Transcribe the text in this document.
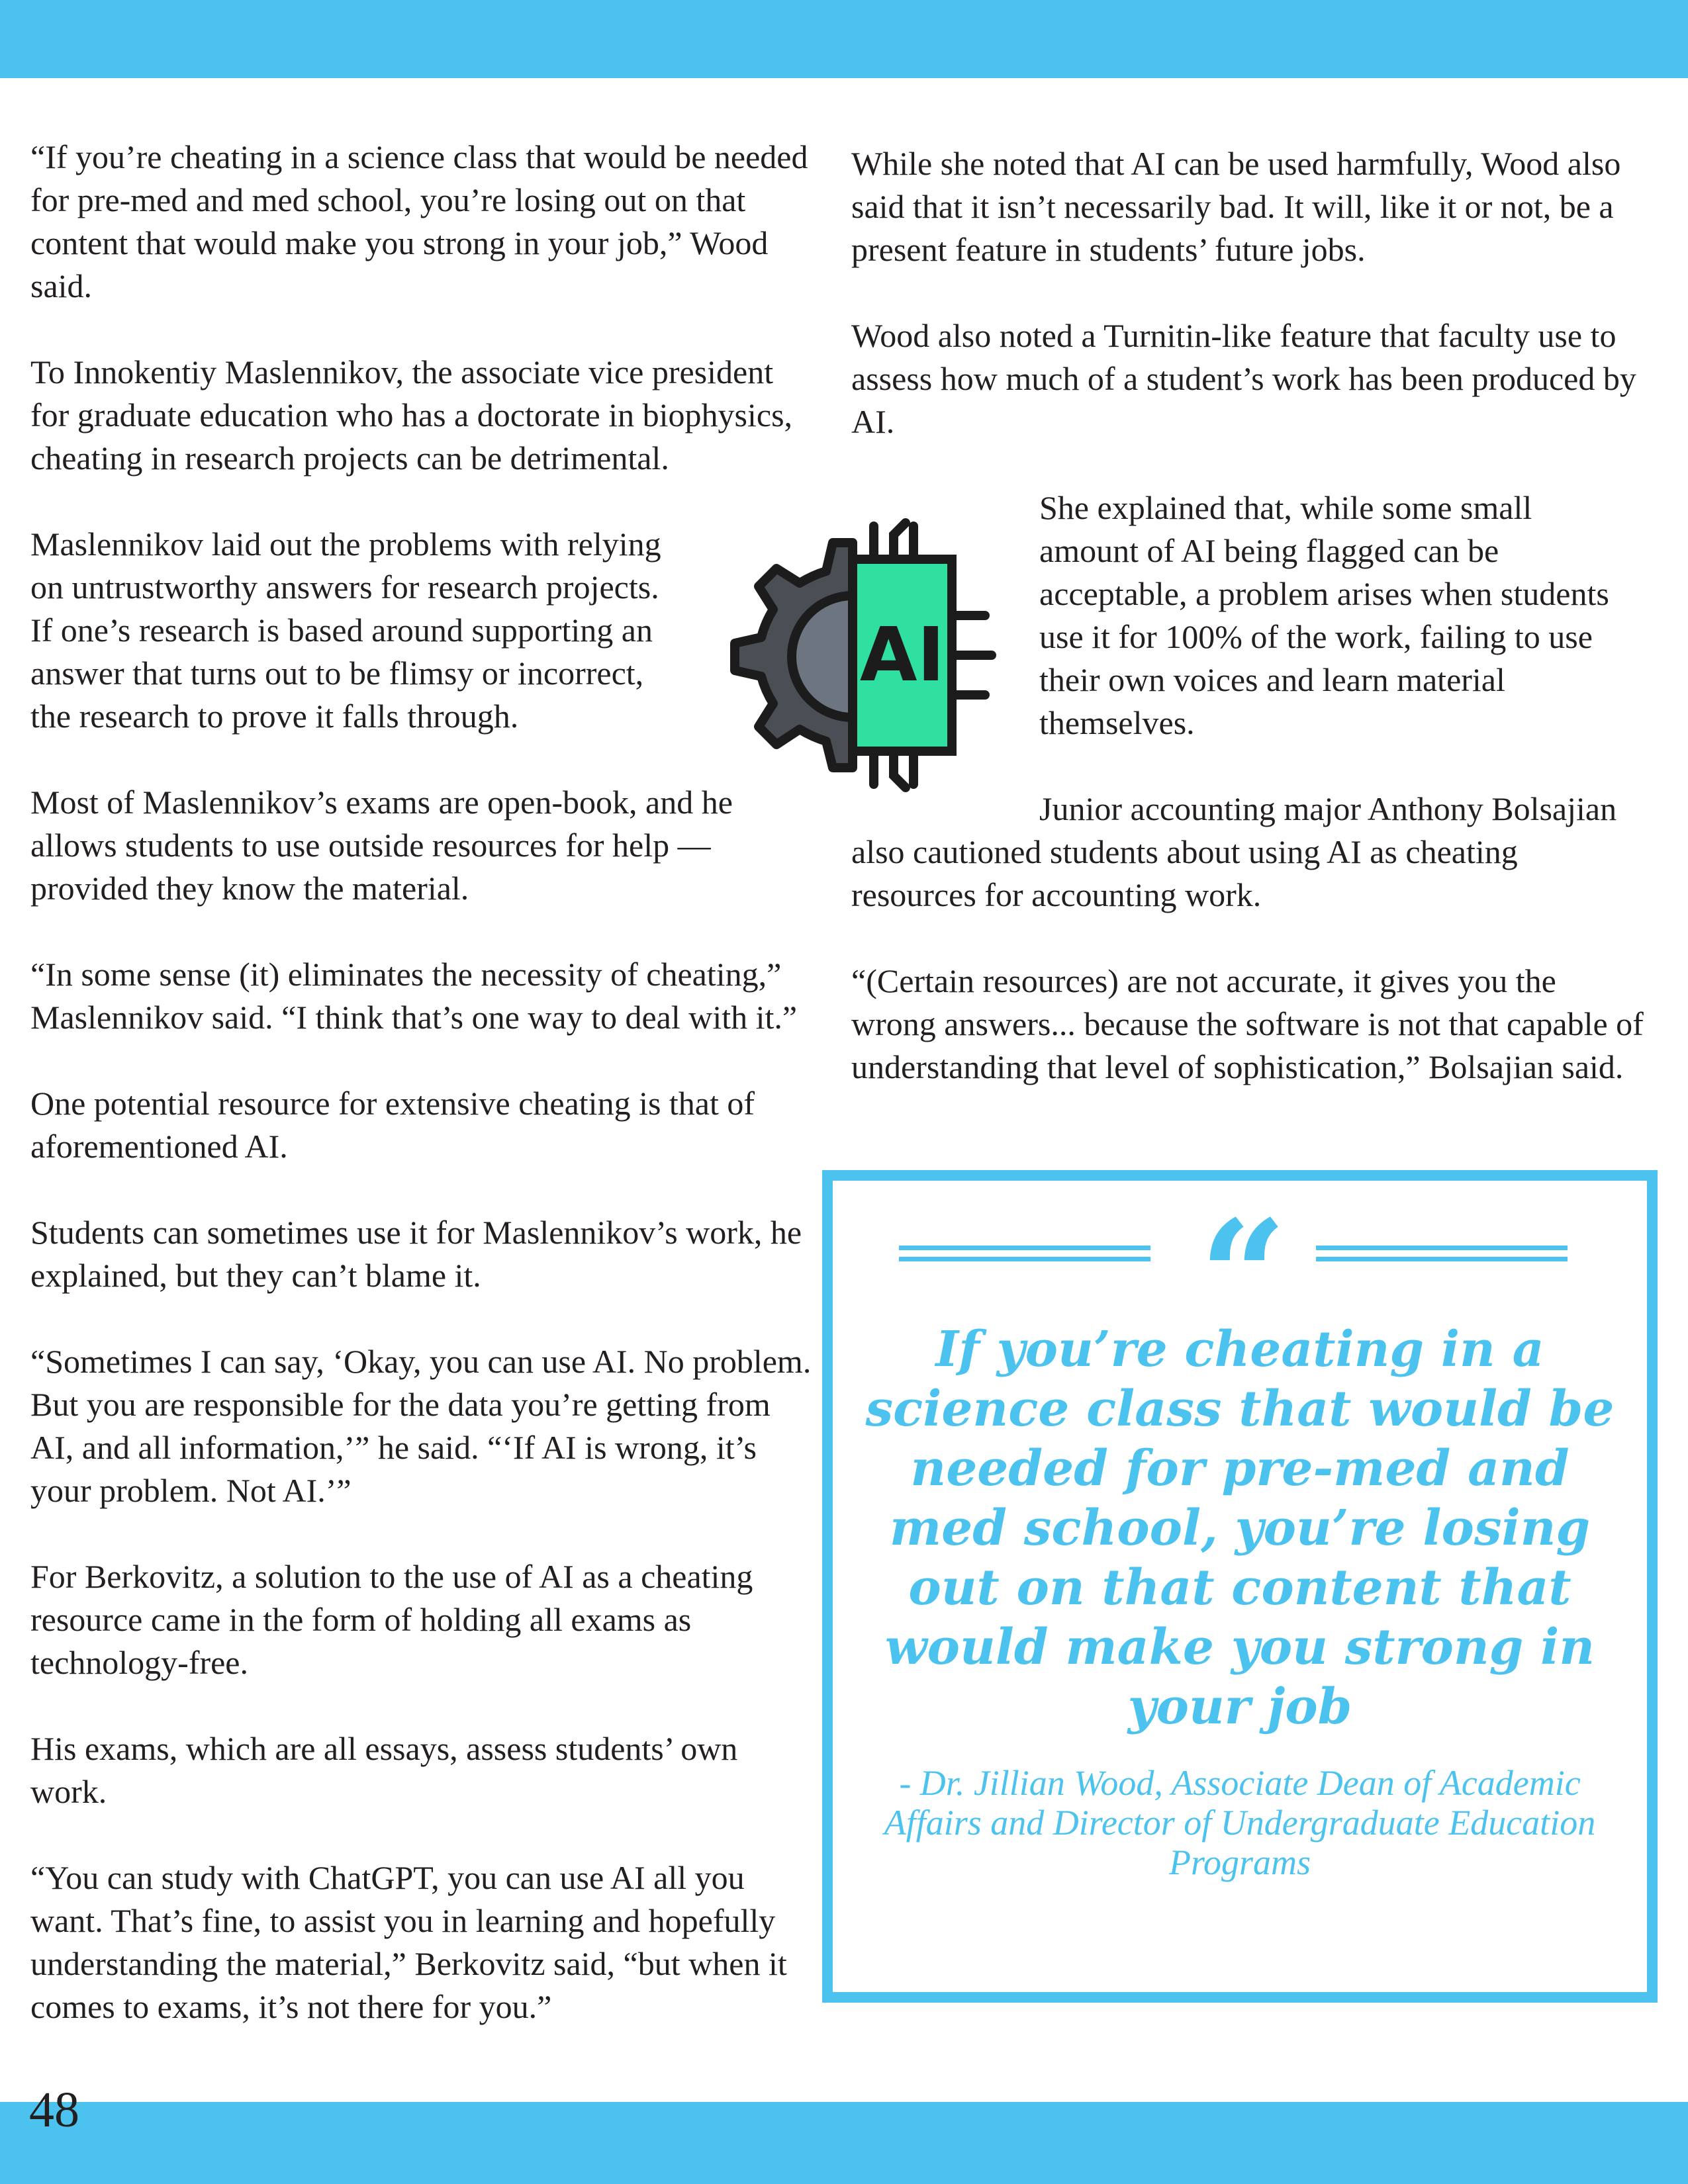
“If you’re cheating in a science class that would be needed for pre-med and med school, you’re losing out on that content that would make you strong in your job,” Wood said.

To Innokentiy Maslennikov, the associate vice president for graduate education who has a doctorate in biophysics, cheating in research projects can be detrimental.

Maslennikov laid out the problems with relying on untrustworthy answers for research projects. If one’s research is based around supporting an answer that turns out to be flimsy or incorrect, the research to prove it falls through.

Most of Maslennikov’s exams are open-book, and he allows students to use outside resources for help — provided they know the material.

“In some sense (it) eliminates the necessity of cheating,” Maslennikov said. “I think that’s one way to deal with it.”

One potential resource for extensive cheating is that of aforementioned AI.

Students can sometimes use it for Maslennikov’s work, he explained, but they can’t blame it.

“Sometimes I can say, ‘Okay, you can use AI. No problem. But you are responsible for the data you’re getting from AI, and all information,’” he said. “‘If AI is wrong, it’s your problem. Not AI.’”

For Berkovitz, a solution to the use of AI as a cheating resource came in the form of holding all exams as technology-free.

His exams, which are all essays, assess students’ own work.

“You can study with ChatGPT, you can use AI all you want. That’s fine, to assist you in learning and hopefully understanding the material,” Berkovitz said, “but when it comes to exams, it’s not there for you.”

While she noted that AI can be used harmfully, Wood also said that it isn’t necessarily bad. It will, like it or not, be a present feature in students’ future jobs.

Wood also noted a Turnitin-like feature that faculty use to assess how much of a student’s work has been produced by AI.

She explained that, while some small amount of AI being flagged can be acceptable, a problem arises when students use it for 100% of the work, failing to use their own voices and learn material themselves.

Junior accounting major Anthony Bolsajian also cautioned students about using AI as cheating resources for accounting work.

“(Certain resources) are not accurate, it gives you the wrong answers... because the software is not that capable of understanding that level of sophistication,” Bolsajian said.

AI
“

If you’re cheating in a science class that would be needed for pre-med and med school, you’re losing out on that content that would make you strong in your job

- Dr. Jillian Wood, Associate Dean of Academic Affairs and Director of Undergraduate Education Programs

48
